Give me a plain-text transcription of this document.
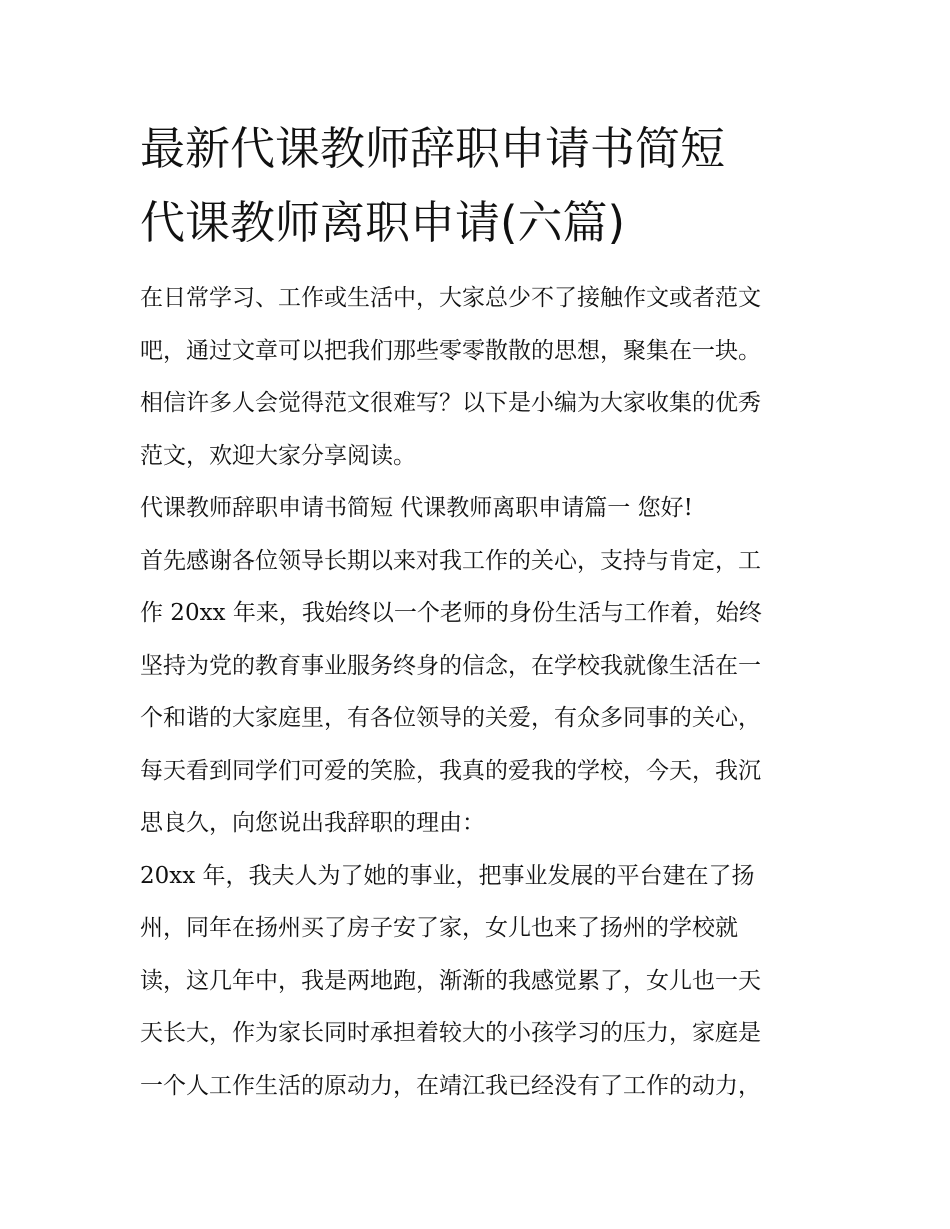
最新代课教师辞职申请书简短
代课教师离职申请(六篇)
在日常学习、工作或生活中，大家总少不了接触作文或者范文
吧，通过文章可以把我们那些零零散散的思想，聚集在一块。
相信许多人会觉得范文很难写？以下是小编为大家收集的优秀
范文，欢迎大家分享阅读。
代课教师辞职申请书简短 代课教师离职申请篇一 您好!
首先感谢各位领导长期以来对我工作的关心，支持与肯定，工
作 20xx 年来，我始终以一个老师的身份生活与工作着，始终
坚持为党的教育事业服务终身的信念，在学校我就像生活在一
个和谐的大家庭里，有各位领导的关爱，有众多同事的关心，
每天看到同学们可爱的笑脸，我真的爱我的学校，今天，我沉
思良久，向您说出我辞职的理由：
20xx 年，我夫人为了她的事业，把事业发展的平台建在了扬
州，同年在扬州买了房子安了家，女儿也来了扬州的学校就
读，这几年中，我是两地跑，渐渐的我感觉累了，女儿也一天
天长大，作为家长同时承担着较大的小孩学习的压力，家庭是
一个人工作生活的原动力，在靖江我已经没有了工作的动力，
